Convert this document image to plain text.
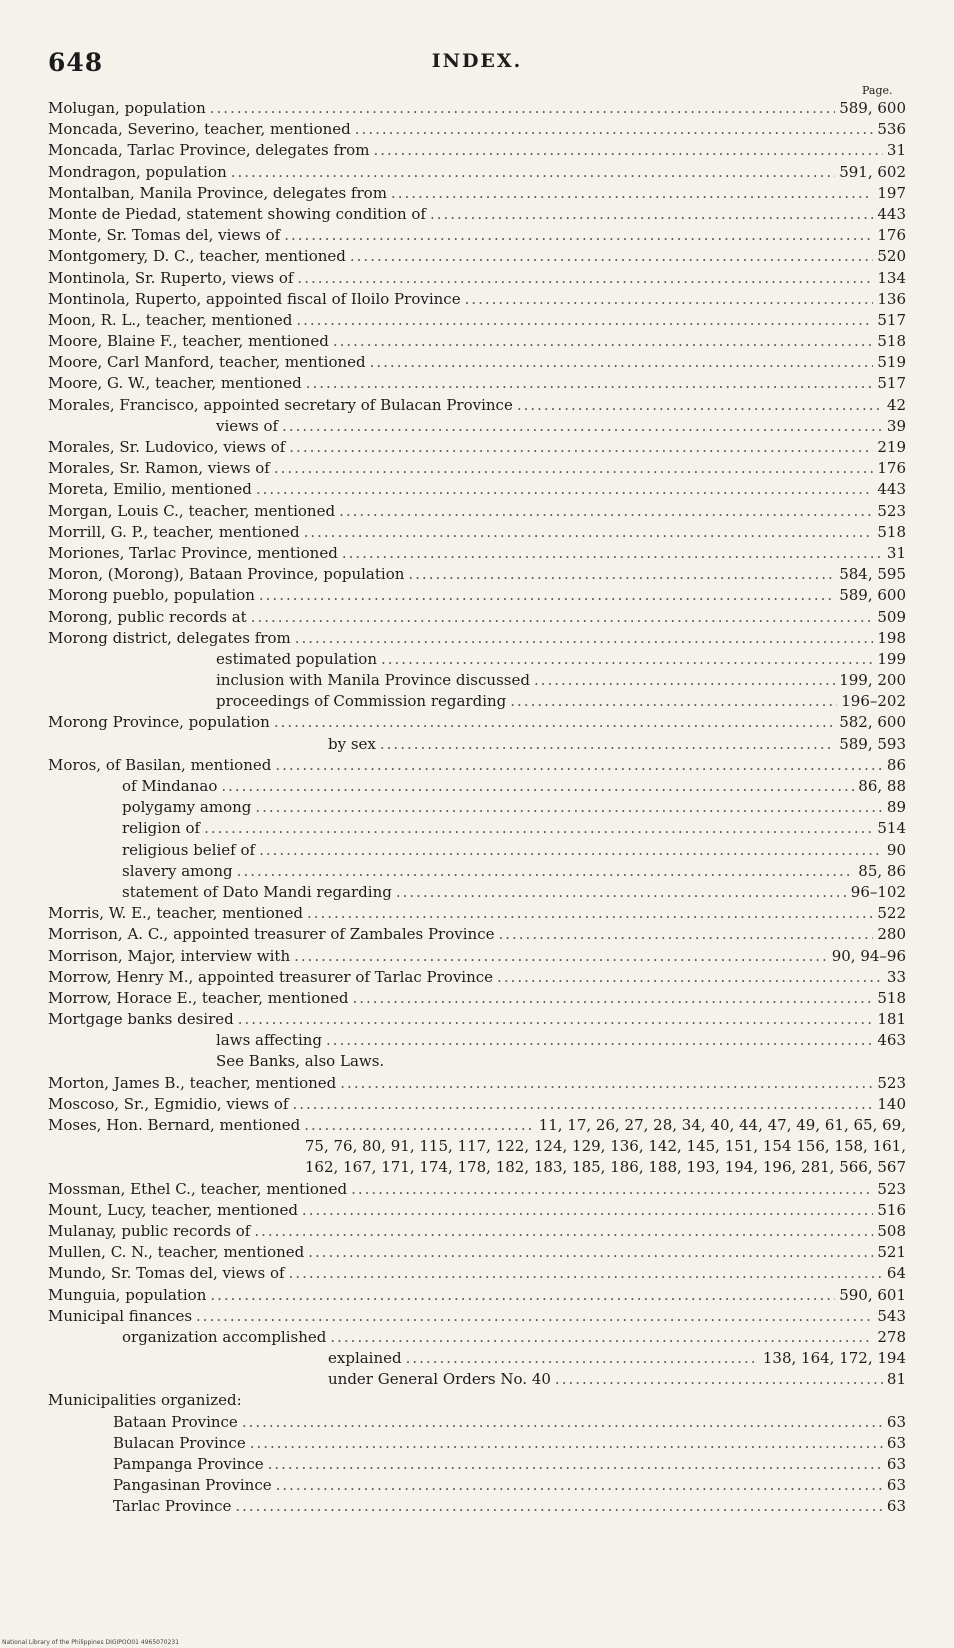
648	INDEX.
Page.
Molugan, population .....	589, 600
Moncada, Severino, teacher, mentioned .....	536
Moncada, Tarlac Province, delegates from .....	31
Mondragon, population .....	591, 602
Montalban, Manila Province, delegates from .....	197
Monte de Piedad, statement showing condition of .....	443
Monte, Sr. Tomas del, views of .....	176
Montgomery, D. C., teacher, mentioned .....	520
Montinola, Sr. Ruperto, views of .....	134
Montinola, Ruperto, appointed fiscal of Iloilo Province .....	136
Moon, R. L., teacher, mentioned .....	517
Moore, Blaine F., teacher, mentioned .....	518
Moore, Carl Manford, teacher, mentioned .....	519
Moore, G. W., teacher, mentioned .....	517
Morales, Francisco, appointed secretary of Bulacan Province .....	42
views of .....	39
Morales, Sr. Ludovico, views of .....	219
Morales, Sr. Ramon, views of .....	176
Moreta, Emilio, mentioned .....	443
Morgan, Louis C., teacher, mentioned .....	523
Morrill, G. P., teacher, mentioned .....	518
Moriones, Tarlac Province, mentioned .....	31
Moron, (Morong), Bataan Province, population .....	584, 595
Morong pueblo, population .....	589, 600
Morong, public records at .....	509
Morong district, delegates from .....	198
estimated population .....	199
inclusion with Manila Province discussed .....	199, 200
proceedings of Commission regarding .....	196–202
Morong Province, population .....	582, 600
by sex .....	589, 593
Moros, of Basilan, mentioned .....	86
of Mindanao .....	86, 88
polygamy among .....	89
religion of .....	514
religious belief of .....	90
slavery among .....	85, 86
statement of Dato Mandi regarding .....	96–102
Morris, W. E., teacher, mentioned .....	522
Morrison, A. C., appointed treasurer of Zambales Province .....	280
Morrison, Major, interview with .....	90, 94–96
Morrow, Henry M., appointed treasurer of Tarlac Province .....	33
Morrow, Horace E., teacher, mentioned .....	518
Mortgage banks desired .....	181
laws affecting .....	463
See Banks, also Laws.
Morton, James B., teacher, mentioned .....	523
Moscoso, Sr., Egmidio, views of .....	140
Moses, Hon. Bernard, mentioned .....	11, 17, 26, 27, 28, 34, 40, 44, 47, 49, 61, 65, 69,
75, 76, 80, 91, 115, 117, 122, 124, 129, 136, 142, 145, 151, 154 156, 158, 161,
162, 167, 171, 174, 178, 182, 183, 185, 186, 188, 193, 194, 196, 281, 566, 567
Mossman, Ethel C., teacher, mentioned .....	523
Mount, Lucy, teacher, mentioned .....	516
Mulanay, public records of .....	508
Mullen, C. N., teacher, mentioned .....	521
Mundo, Sr. Tomas del, views of .....	64
Munguia, population .....	590, 601
Municipal finances .....	543
organization accomplished .....	278
explained .....	138, 164, 172, 194
under General Orders No. 40 .....	81
Municipalities organized:
Bataan Province .....	63
Bulacan Province .....	63
Pampanga Province .....	63
Pangasinan Province .....	63
Tarlac Province .....	63
National Library of the Philippines DIGIPOO01 4965070231
